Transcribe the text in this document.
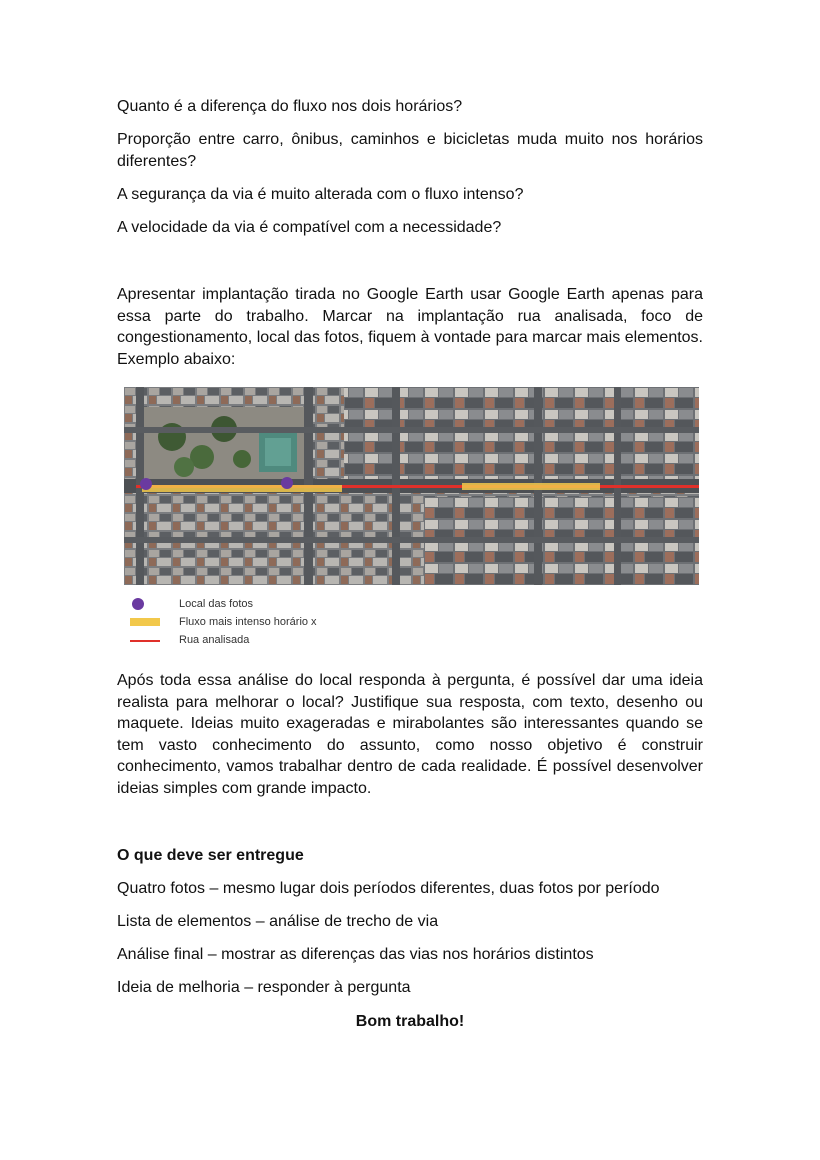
Quanto é a diferença do fluxo nos dois horários?

Proporção entre carro, ônibus, caminhos e bicicletas muda muito nos horários diferentes?

A segurança da via é muito alterada com o fluxo intenso?

A velocidade da via é compatível com a necessidade?

Apresentar implantação tirada no Google Earth usar Google Earth apenas para essa parte do trabalho. Marcar na implantação rua analisada, foco de congestionamento, local das fotos, fiquem à vontade para marcar mais elementos. Exemplo abaixo:

Após toda essa análise do local responda à pergunta, é possível dar uma ideia realista para melhorar o local? Justifique sua resposta, com texto, desenho ou maquete. Ideias muito exageradas e mirabolantes são interessantes quando se tem vasto conhecimento do assunto, como nosso objetivo é construir conhecimento, vamos trabalhar dentro de cada realidade. É possível desenvolver ideias simples com grande impacto.

O que deve ser entregue

Quatro fotos – mesmo lugar dois períodos diferentes, duas fotos por período

Lista de elementos – análise de trecho de via

Análise final – mostrar as diferenças das vias nos horários distintos

Ideia de melhoria – responder à pergunta

Bom trabalho!

Local das fotos
Fluxo mais intenso horário x
Rua analisada
